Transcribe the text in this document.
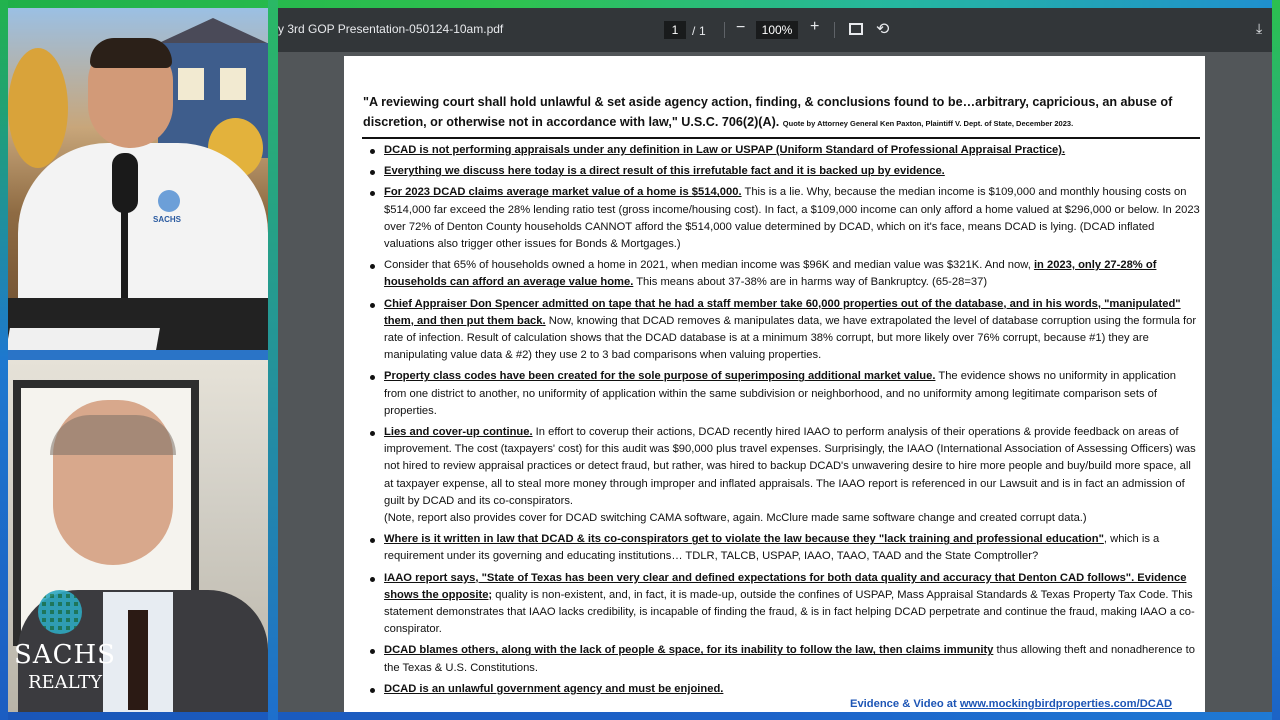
SACHS
SACHS
REALTY
y 3rd GOP Presentation-050124-10am.pdf	1	/ 1 −	100%	+	⟲	⤓
"A reviewing court shall hold unlawful & set aside agency action, finding, & conclusions found to be…arbitrary, capricious, an abuse of discretion, or otherwise not in accordance with law," U.S.C. 706(2)(A). Quote by Attorney General Ken Paxton, Plaintiff V. Dept. of State, December 2023.
DCAD is not performing appraisals under any definition in Law or USPAP (Uniform Standard of Professional Appraisal Practice).
Everything we discuss here today is a direct result of this irrefutable fact and it is backed up by evidence.
For 2023 DCAD claims average market value of a home is $514,000. This is a lie. Why, because the median income is $109,000 and monthly housing costs on $514,000 far exceed the 28% lending ratio test (gross income/housing cost). In fact, a $109,000 income can only afford a home valued at $296,000 or below. In 2023 over 72% of Denton County households CANNOT afford the $514,000 value determined by DCAD, which on it's face, means DCAD is lying. (DCAD inflated valuations also trigger other issues for Bonds & Mortgages.)
Consider that 65% of households owned a home in 2021, when median income was $96K and median value was $321K. And now, in 2023, only 27-28% of households can afford an average value home. This means about 37-38% are in harms way of Bankruptcy. (65-28=37)
Chief Appraiser Don Spencer admitted on tape that he had a staff member take 60,000 properties out of the database, and in his words, "manipulated" them, and then put them back. Now, knowing that DCAD removes & manipulates data, we have extrapolated the level of database corruption using the formula for rate of infection. Result of calculation shows that the DCAD database is at a minimum 38% corrupt, but more likely over 76% corrupt, because #1) they are manipulating value data & #2) they use 2 to 3 bad comparisons when valuing properties.
Property class codes have been created for the sole purpose of superimposing additional market value. The evidence shows no uniformity in application from one district to another, no uniformity of application within the same subdivision or neighborhood, and no uniformity among legitimate comparison sets of properties.
Lies and cover-up continue. In effort to coverup their actions, DCAD recently hired IAAO to perform analysis of their operations & provide feedback on areas of improvement. The cost (taxpayers' cost) for this audit was $90,000 plus travel expenses. Surprisingly, the IAAO (International Association of Assessing Officers) was not hired to review appraisal practices or detect fraud, but rather, was hired to backup DCAD's unwavering desire to hire more people and buy/build more space, all at taxpayer expense, all to steal more money through improper and inflated appraisals. The IAAO report is referenced in our Lawsuit and is in fact an admission of guilt by DCAD and its co-conspirators.
(Note, report also provides cover for DCAD switching CAMA software, again. McClure made same software change and created corrupt data.)
Where is it written in law that DCAD & its co-conspirators get to violate the law because they "lack training and professional education", which is a requirement under its governing and educating institutions… TDLR, TALCB, USPAP, IAAO, TAAO, TAAD and the State Comptroller?
IAAO report says, "State of Texas has been very clear and defined expectations for both data quality and accuracy that Denton CAD follows". Evidence shows the opposite; quality is non-existent, and, in fact, it is made-up, outside the confines of USPAP, Mass Appraisal Standards & Texas Property Tax Code. This statement demonstrates that IAAO lacks credibility, is incapable of finding the fraud, & is in fact helping DCAD perpetrate and continue the fraud, making IAAO a co-conspirator.
DCAD blames others, along with the lack of people & space, for its inability to follow the law, then claims immunity thus allowing theft and nonadherence to the Texas & U.S. Constitutions.
DCAD is an unlawful government agency and must be enjoined.
Evidence & Video at www.mockingbirdproperties.com/DCAD
